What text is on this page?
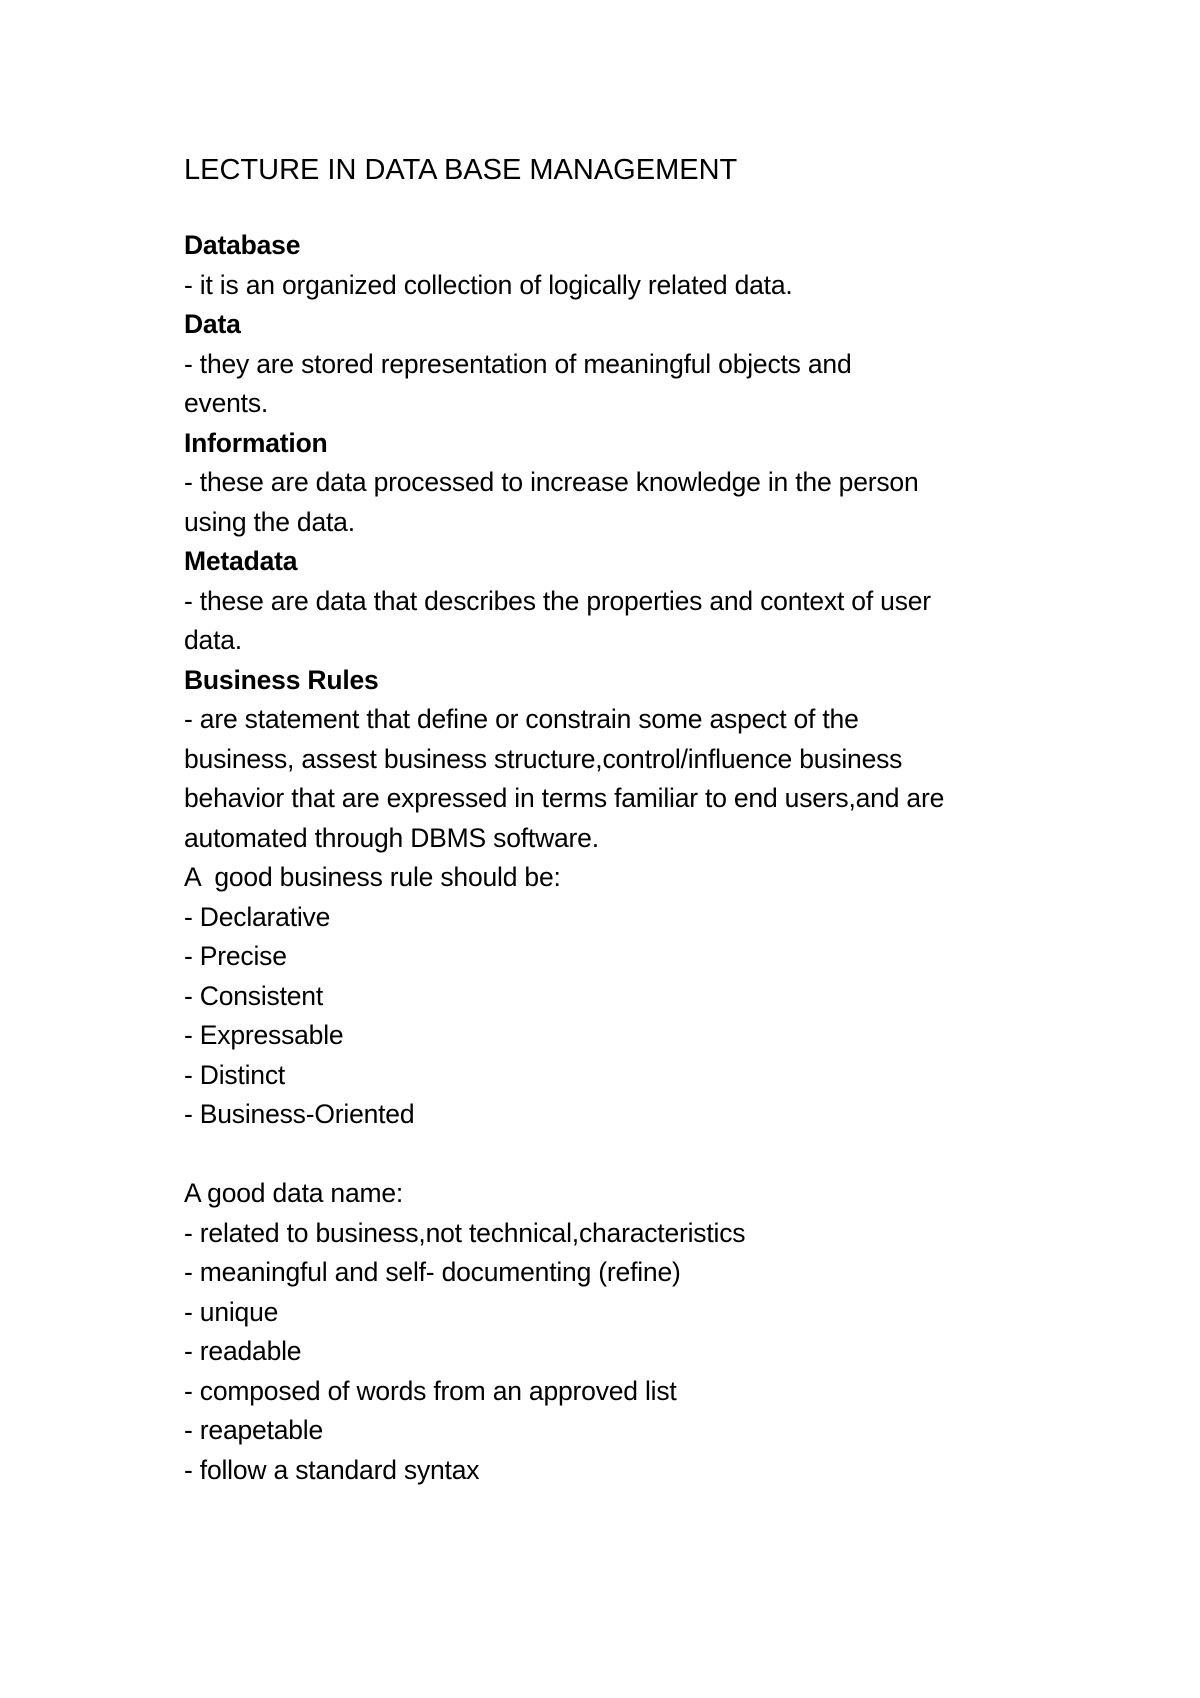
LECTURE IN DATA BASE MANAGEMENT
Database
- it is an organized collection of logically related data.
Data
- they are stored representation of meaningful objects and events.
Information
- these are data processed to increase knowledge in the person using the data.
Metadata
- these are data that describes the properties and context of user data.
Business Rules
- are statement that define or constrain some aspect of the business, assest business structure,control/influence business behavior that are expressed in terms familiar to end users,and are automated through DBMS software.
A  good business rule should be:
- Declarative
- Precise
- Consistent
- Expressable
- Distinct
- Business-Oriented
A good data name:
- related to business,not technical,characteristics
- meaningful and self- documenting (refine)
- unique
- readable
- composed of words from an approved list
- reapetable
- follow a standard syntax
